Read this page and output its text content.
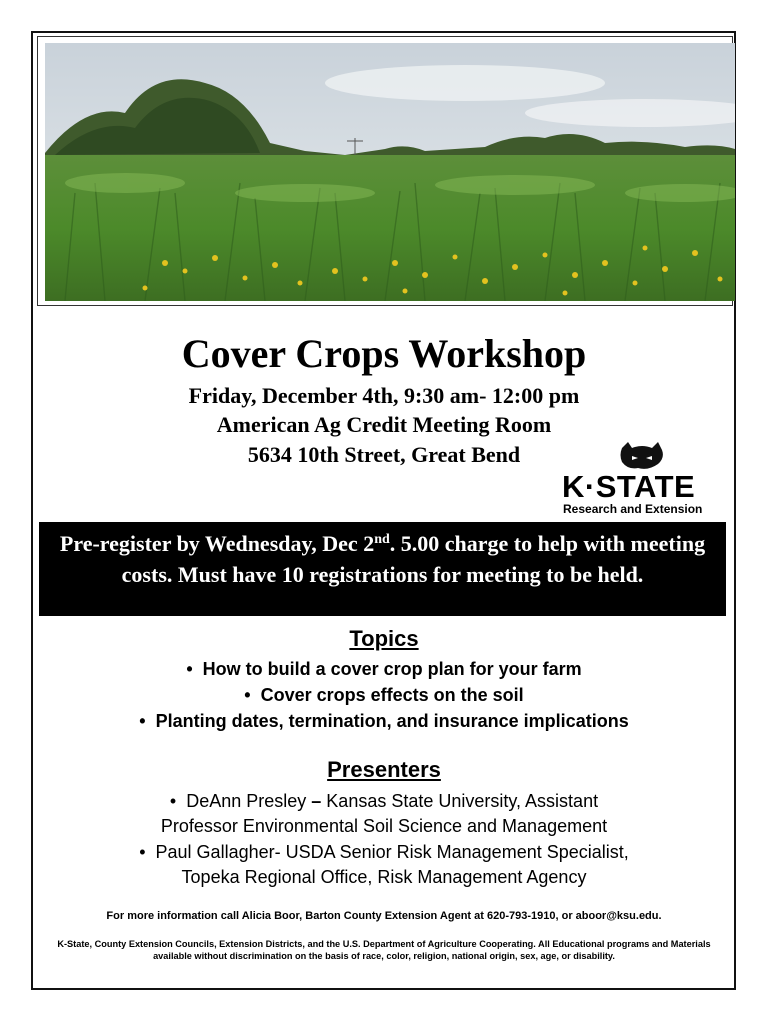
Cover Crops Workshop
Friday, December 4th, 9:30 am- 12:00 pm
American Ag Credit Meeting Room
5634 10th Street, Great Bend
K·STATE
Research and Extension
Pre-register by Wednesday, Dec 2nd. 5.00 charge to help with meeting costs. Must have 10 registrations for meeting to be held.
Topics
• How to build a cover crop plan for your farm
• Cover crops effects on the soil
• Planting dates, termination, and insurance implications
Presenters
• DeAnn Presley – Kansas State University, Assistant
Professor Environmental Soil Science and Management
• Paul Gallagher- USDA Senior Risk Management Specialist,
Topeka Regional Office, Risk Management Agency
For more information call Alicia Boor, Barton County Extension Agent at 620-793-1910, or aboor@ksu.edu.
K-State, County Extension Councils, Extension Districts, and the U.S. Department of Agriculture Cooperating. All Educational programs and Materials available without discrimination on the basis of race, color, religion, national origin, sex, age, or disability.
